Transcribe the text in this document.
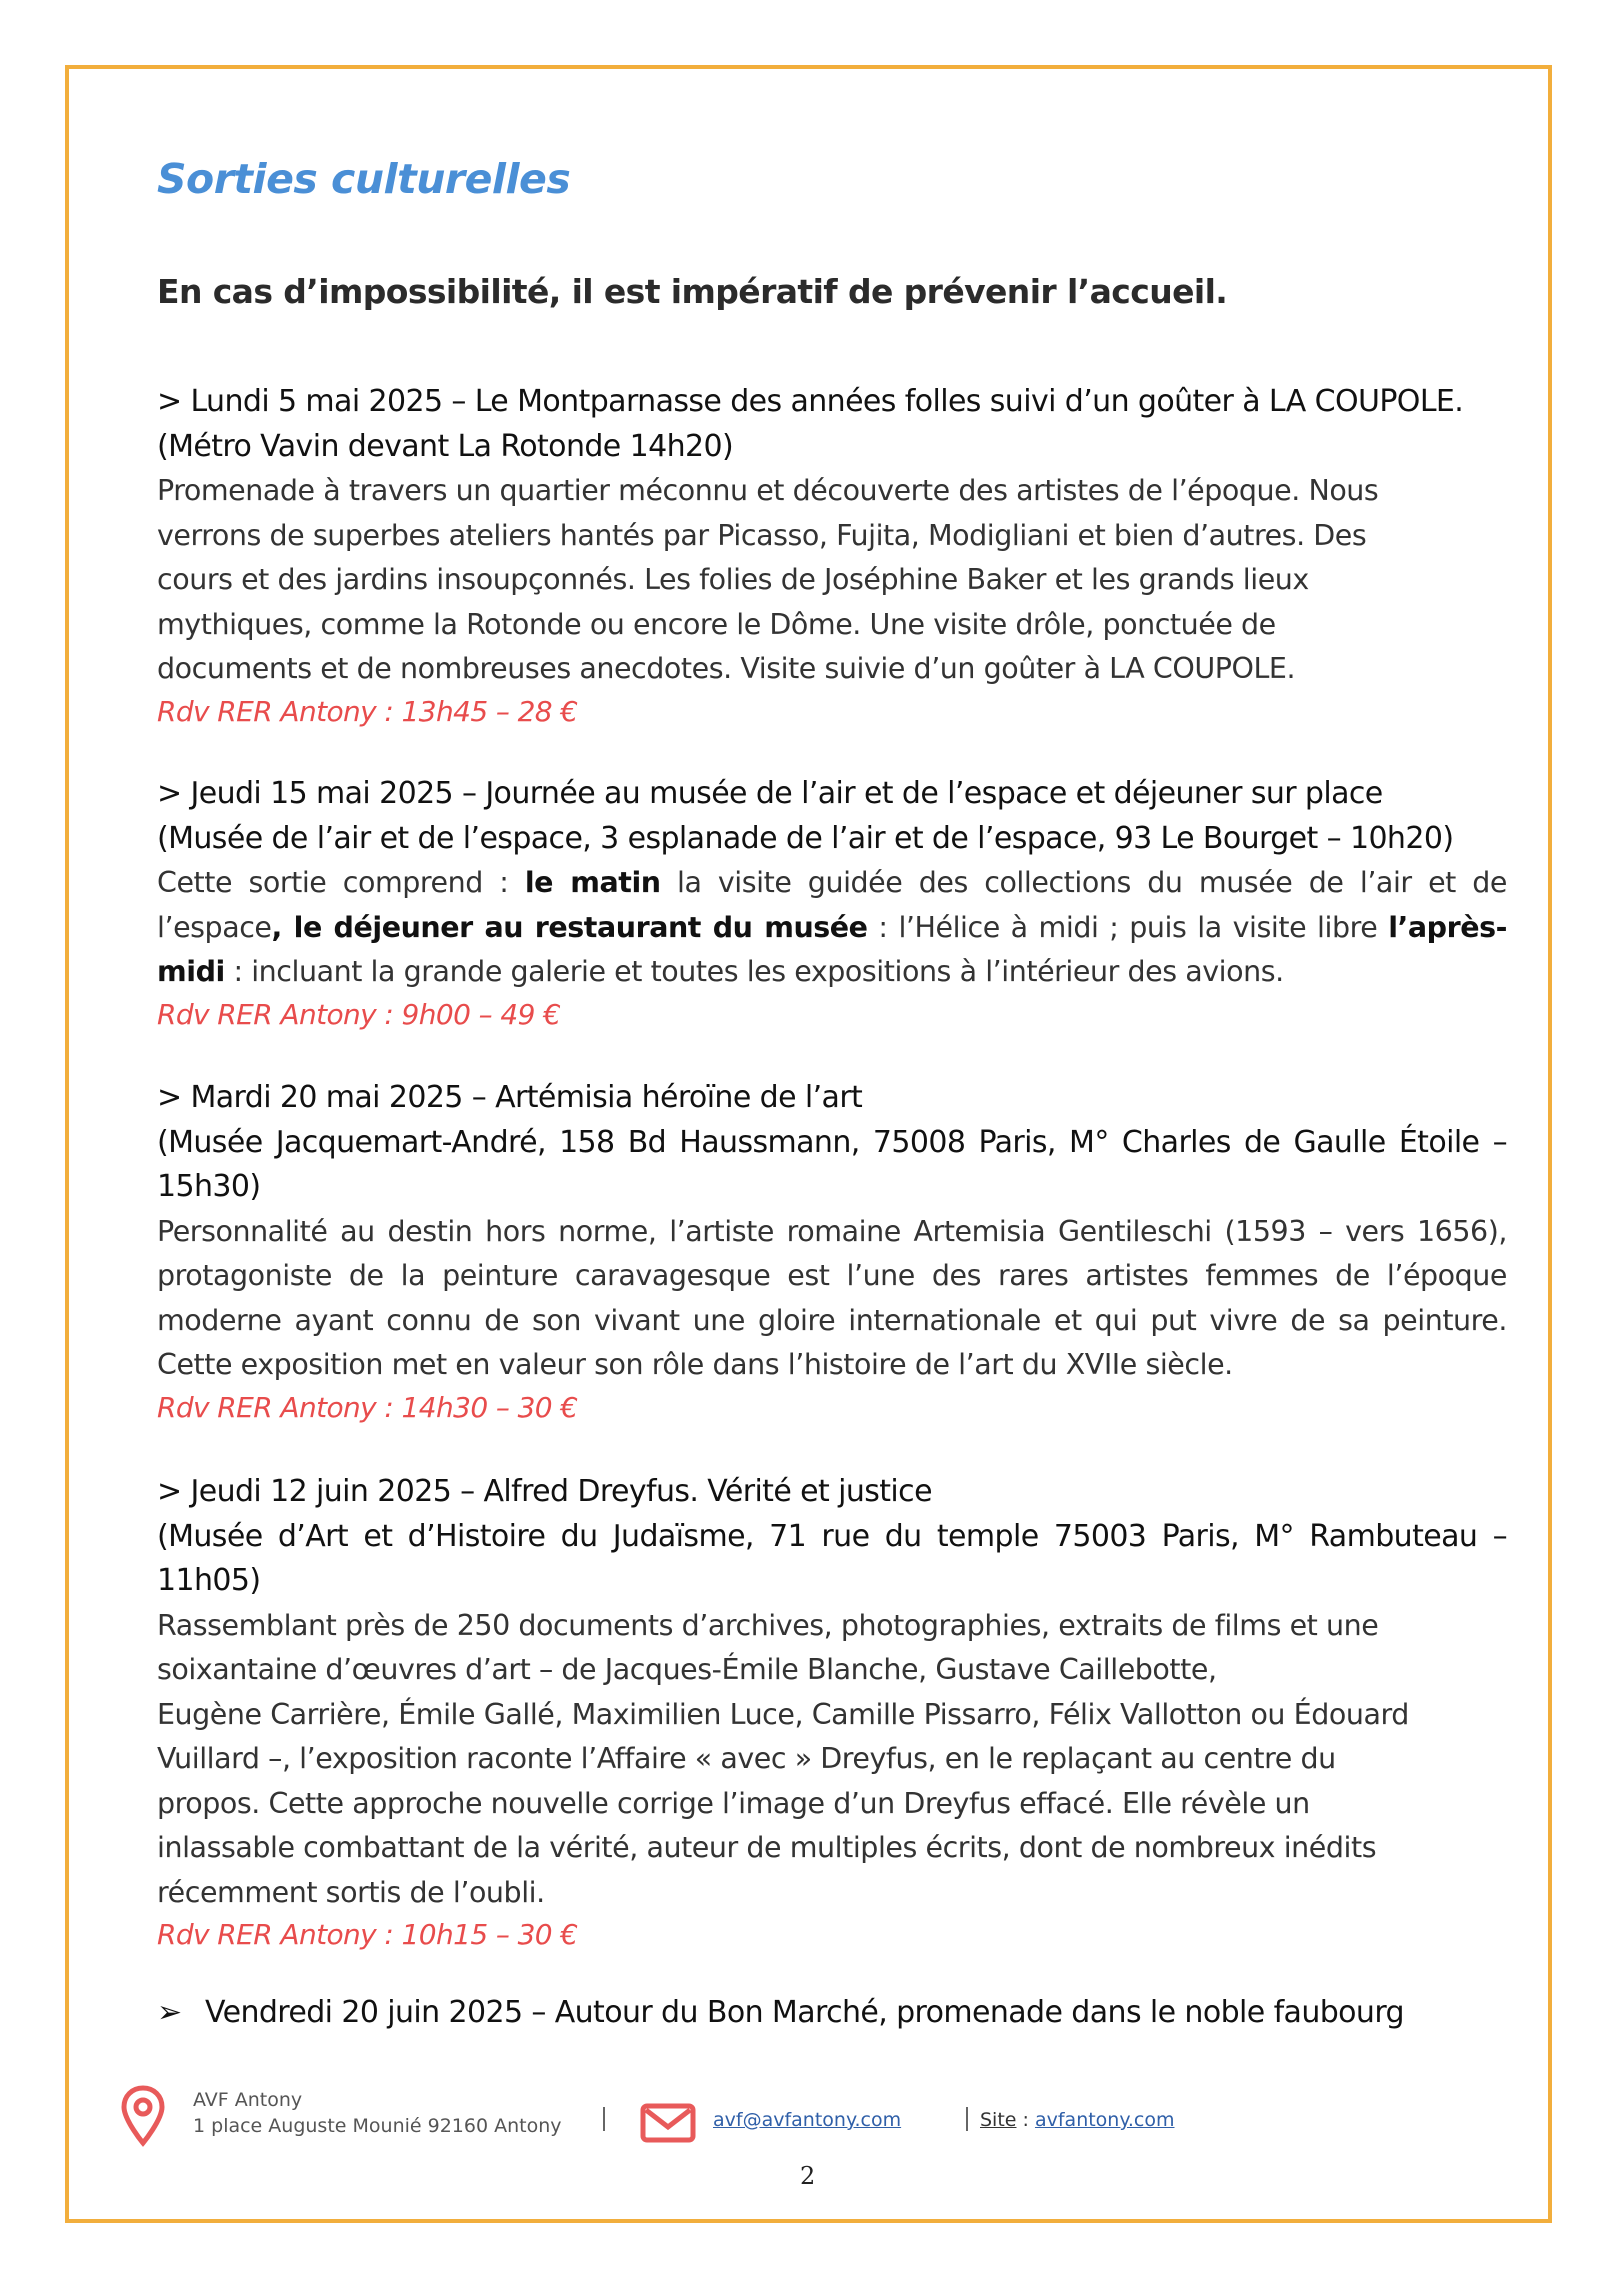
Sorties culturelles
En cas d’impossibilité, il est impératif de prévenir l’accueil.
> Lundi 5 mai 2025 – Le Montparnasse des années folles suivi d’un goûter à LA COUPOLE.
(Métro Vavin devant La Rotonde 14h20)
Promenade à travers un quartier méconnu et découverte des artistes de l’époque. Nous
verrons de superbes ateliers hantés par Picasso, Fujita, Modigliani et bien d’autres. Des
cours et des jardins insoupçonnés. Les folies de Joséphine Baker et les grands lieux
mythiques, comme la Rotonde ou encore le Dôme. Une visite drôle, ponctuée de
documents et de nombreuses anecdotes. Visite suivie d’un goûter à LA COUPOLE.
Rdv RER Antony : 13h45 – 28 €
> Jeudi 15 mai 2025 – Journée au musée de l’air et de l’espace et déjeuner sur place
(Musée de l’air et de l’espace, 3 esplanade de l’air et de l’espace, 93 Le Bourget – 10h20)
Cette sortie comprend : le matin la visite guidée des collections du musée de l’air et de l’espace, le déjeuner au restaurant du musée : l’Hélice à midi ; puis la visite libre l’après-midi : incluant la grande galerie et toutes les expositions à l’intérieur des avions.
Rdv RER Antony : 9h00 – 49 €
> Mardi 20 mai 2025 – Artémisia héroïne de l’art
(Musée Jacquemart-André, 158 Bd Haussmann, 75008 Paris, M° Charles de Gaulle Étoile – 15h30)
Personnalité au destin hors norme, l’artiste romaine Artemisia Gentileschi (1593 – vers 1656), protagoniste de la peinture caravagesque est l’une des rares artistes femmes de l’époque moderne ayant connu de son vivant une gloire internationale et qui put vivre de sa peinture. Cette exposition met en valeur son rôle dans l’histoire de l’art du XVIIe siècle.
Rdv RER Antony : 14h30 – 30 €
> Jeudi 12 juin 2025 – Alfred Dreyfus. Vérité et justice
(Musée d’Art et d’Histoire du Judaïsme, 71 rue du temple 75003 Paris, M° Rambuteau – 11h05)
Rassemblant près de 250 documents d’archives, photographies, extraits de films et une
soixantaine d’œuvres d’art – de Jacques-Émile Blanche, Gustave Caillebotte,
Eugène Carrière, Émile Gallé, Maximilien Luce, Camille Pissarro, Félix Vallotton ou Édouard
Vuillard –, l’exposition raconte l’Affaire « avec » Dreyfus, en le replaçant au centre du
propos. Cette approche nouvelle corrige l’image d’un Dreyfus effacé. Elle révèle un
inlassable combattant de la vérité, auteur de multiples écrits, dont de nombreux inédits
récemment sortis de l’oubli.
Rdv RER Antony : 10h15 – 30 €
➢ Vendredi 20 juin 2025 – Autour du Bon Marché, promenade dans le noble faubourg
AVF Antony
1 place Auguste Mounié 92160 Antony	avf@avfantony.com	Site : avfantony.com
2
